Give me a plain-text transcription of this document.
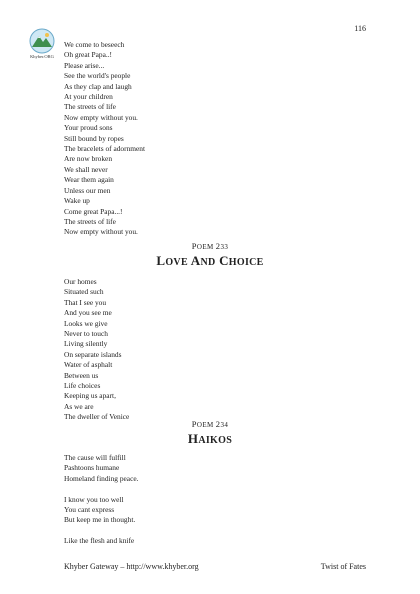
116
Khyber.ORG
We come to beseech
Oh great Papa..!
Please arise...
See the world's people
As they clap and laugh
At your children
The streets of life
Now empty without you.
Your proud sons
Still bound by ropes
The bracelets of adornment
Are now broken
We shall never
Wear them again
Unless our men
Wake up
Come great Papa...!
The streets of life
Now empty without you.
POEM 233
LOVE AND CHOICE
Our homes
Situated such
That I see you
And you see me
Looks we give
Never to touch
Living silently
On separate islands
Water of asphalt
Between us
Life choices
Keeping us apart,
As we are
The dweller of Venice
POEM 234
HAIKOS
The cause will fulfill
Pashtoons humane
Homeland finding peace.
I know you too well
You cant express
But keep me in thought.
Like the flesh and knife
Khyber Gateway – http://www.khyber.org	Twist of Fates
